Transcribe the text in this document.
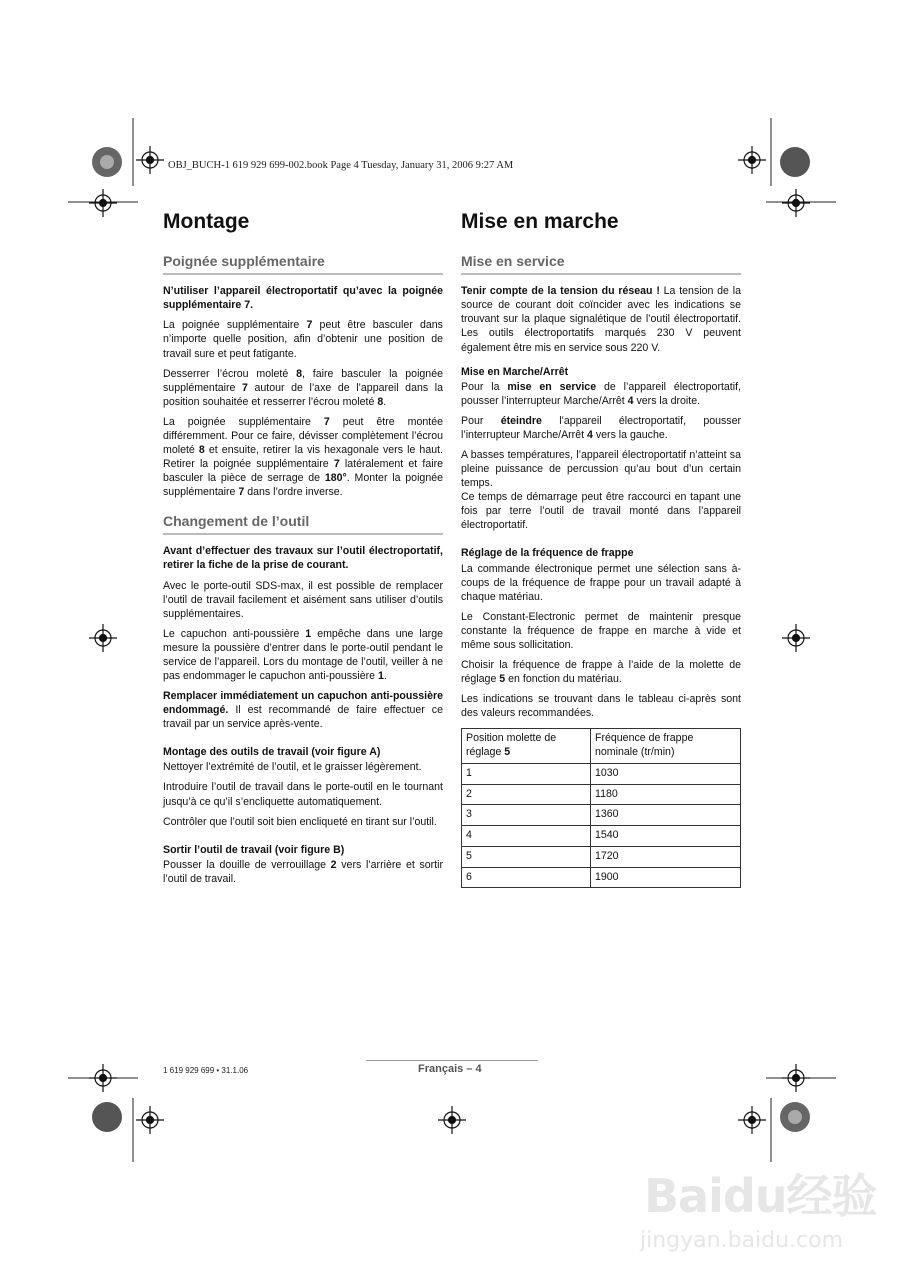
OBJ_BUCH-1 619 929 699-002.book Page 4 Tuesday, January 31, 2006 9:27 AM
Montage
Poignée supplémentaire

N’utiliser l’appareil électroportatif qu’avec la poignée supplémentaire 7.

La poignée supplémentaire 7 peut être basculer dans n’importe quelle position, afin d’obtenir une position de travail sure et peut fatigante.

Desserrer l’écrou moleté 8, faire basculer la poignée supplémentaire 7 autour de l’axe de l’appareil dans la position souhaitée et resserrer l’écrou moleté 8.

La poignée supplémentaire 7 peut être montée différemment. Pour ce faire, dévisser complètement l’écrou moleté 8 et ensuite, retirer la vis hexagonale vers le haut. Retirer la poignée supplémentaire 7 latéralement et faire basculer la pièce de serrage de 180°. Monter la poignée supplémentaire 7 dans l’ordre inverse.

Changement de l’outil

Avant d’effectuer des travaux sur l’outil électroportatif, retirer la fiche de la prise de courant.

Avec le porte-outil SDS-max, il est possible de remplacer l’outil de travail facilement et aisément sans utiliser d’outils supplémentaires.

Le capuchon anti-poussière 1 empêche dans une large mesure la poussière d’entrer dans le porte-outil pendant le service de l’appareil. Lors du montage de l’outil, veiller à ne pas endommager le capuchon anti-poussière 1.

Remplacer immédiatement un capuchon anti-poussière endommagé. Il est recommandé de faire effectuer ce travail par un service après-vente.

Montage des outils de travail (voir figure A)

Nettoyer l’extrémité de l’outil, et le graisser légèrement.

Introduire l’outil de travail dans le porte-outil en le tournant jusqu’à ce qu’il s’encliquette automatiquement.

Contrôler que l’outil soit bien encliqueté en tirant sur l’outil.

Sortir l’outil de travail (voir figure B)

Pousser la douille de verrouillage 2 vers l’arrière et sortir l’outil de travail.

Mise en marche
Mise en service

Tenir compte de la tension du réseau ! La tension de la source de courant doit coïncider avec les indications se trouvant sur la plaque signalétique de l’outil électroportatif. Les outils électroportatifs marqués 230 V peuvent également être mis en service sous 220 V.

Mise en Marche/Arrêt

Pour la mise en service de l’appareil électroportatif, pousser l’interrupteur Marche/Arrêt 4 vers la droite.

Pour éteindre l’appareil électroportatif, pousser l’interrupteur Marche/Arrêt 4 vers la gauche.

A basses températures, l’appareil électroportatif n’atteint sa pleine puissance de percussion qu’au bout d’un certain temps.

Ce temps de démarrage peut être raccourci en tapant une fois par terre l’outil de travail monté dans l’appareil électroportatif.

Réglage de la fréquence de frappe

La commande électronique permet une sélection sans à-coups de la fréquence de frappe pour un travail adapté à chaque matériau.

Le Constant-Electronic permet de maintenir presque constante la fréquence de frappe en marche à vide et même sous sollicitation.

Choisir la fréquence de frappe à l’aide de la molette de réglage 5 en fonction du matériau.

Les indications se trouvant dans le tableau ci-après sont des valeurs recommandées.

Position molette de réglage 5	Fréquence de frappe nominale (tr/min)
1	1030
2	1180
3	1360
4	1540
5	1720
6	1900
1 619 929 699 • 31.1.06	Français – 4
Baidu经验
jingyan.baidu.com
